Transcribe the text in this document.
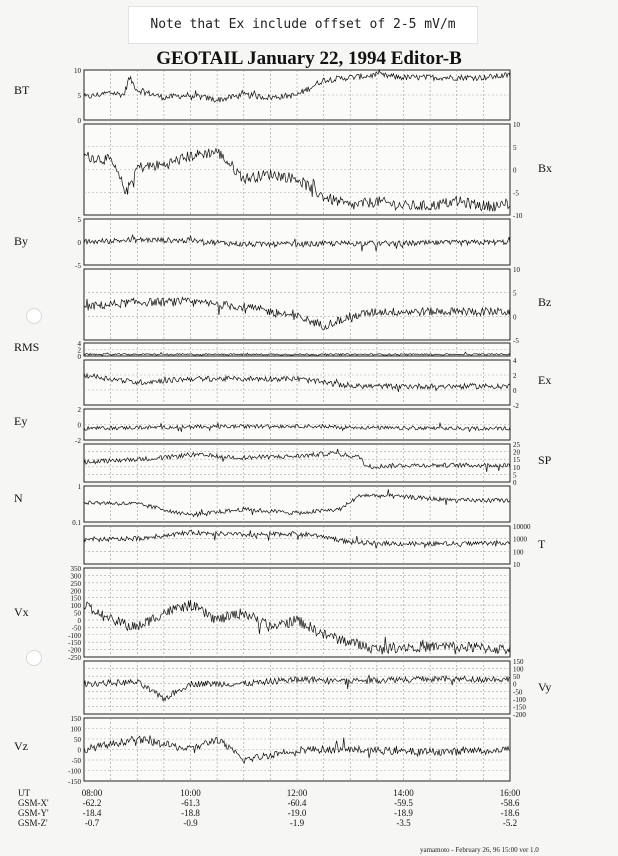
Note that Ex include offset of 2-5 mV/m
GEOTAIL January 22, 1994 Editor-B
10
5
0
BT
10
5
0
-5
-10
Bx
5
0
-5
By
10
5
0
-5
Bz
4
2
0
RMS
4
2
0
-2
Ex
2
0
-2
Ey
25
20
15
10
5
0
SP
1
0.1
N
10000
1000
100
10
T
350
300
250
200
150
100
50
0
-50
-100
-150
-200
-250
Vx
150
100
50
0
-50
-100
-150
-200
Vy
150
100
50
0
-50
-100
-150
Vz
UT
GSM-X'
GSM-Y'
GSM-Z'
08:00
-62.2
-18.4
-0.7
10:00
-61.3
-18.8
-0.9
12:00
-60.4
-19.0
-1.9
14:00
-59.5
-18.9
-3.5
16:00
-58.6
-18.6
-5.2
yamamoto - February 26, 96 15:00 ver 1.0
